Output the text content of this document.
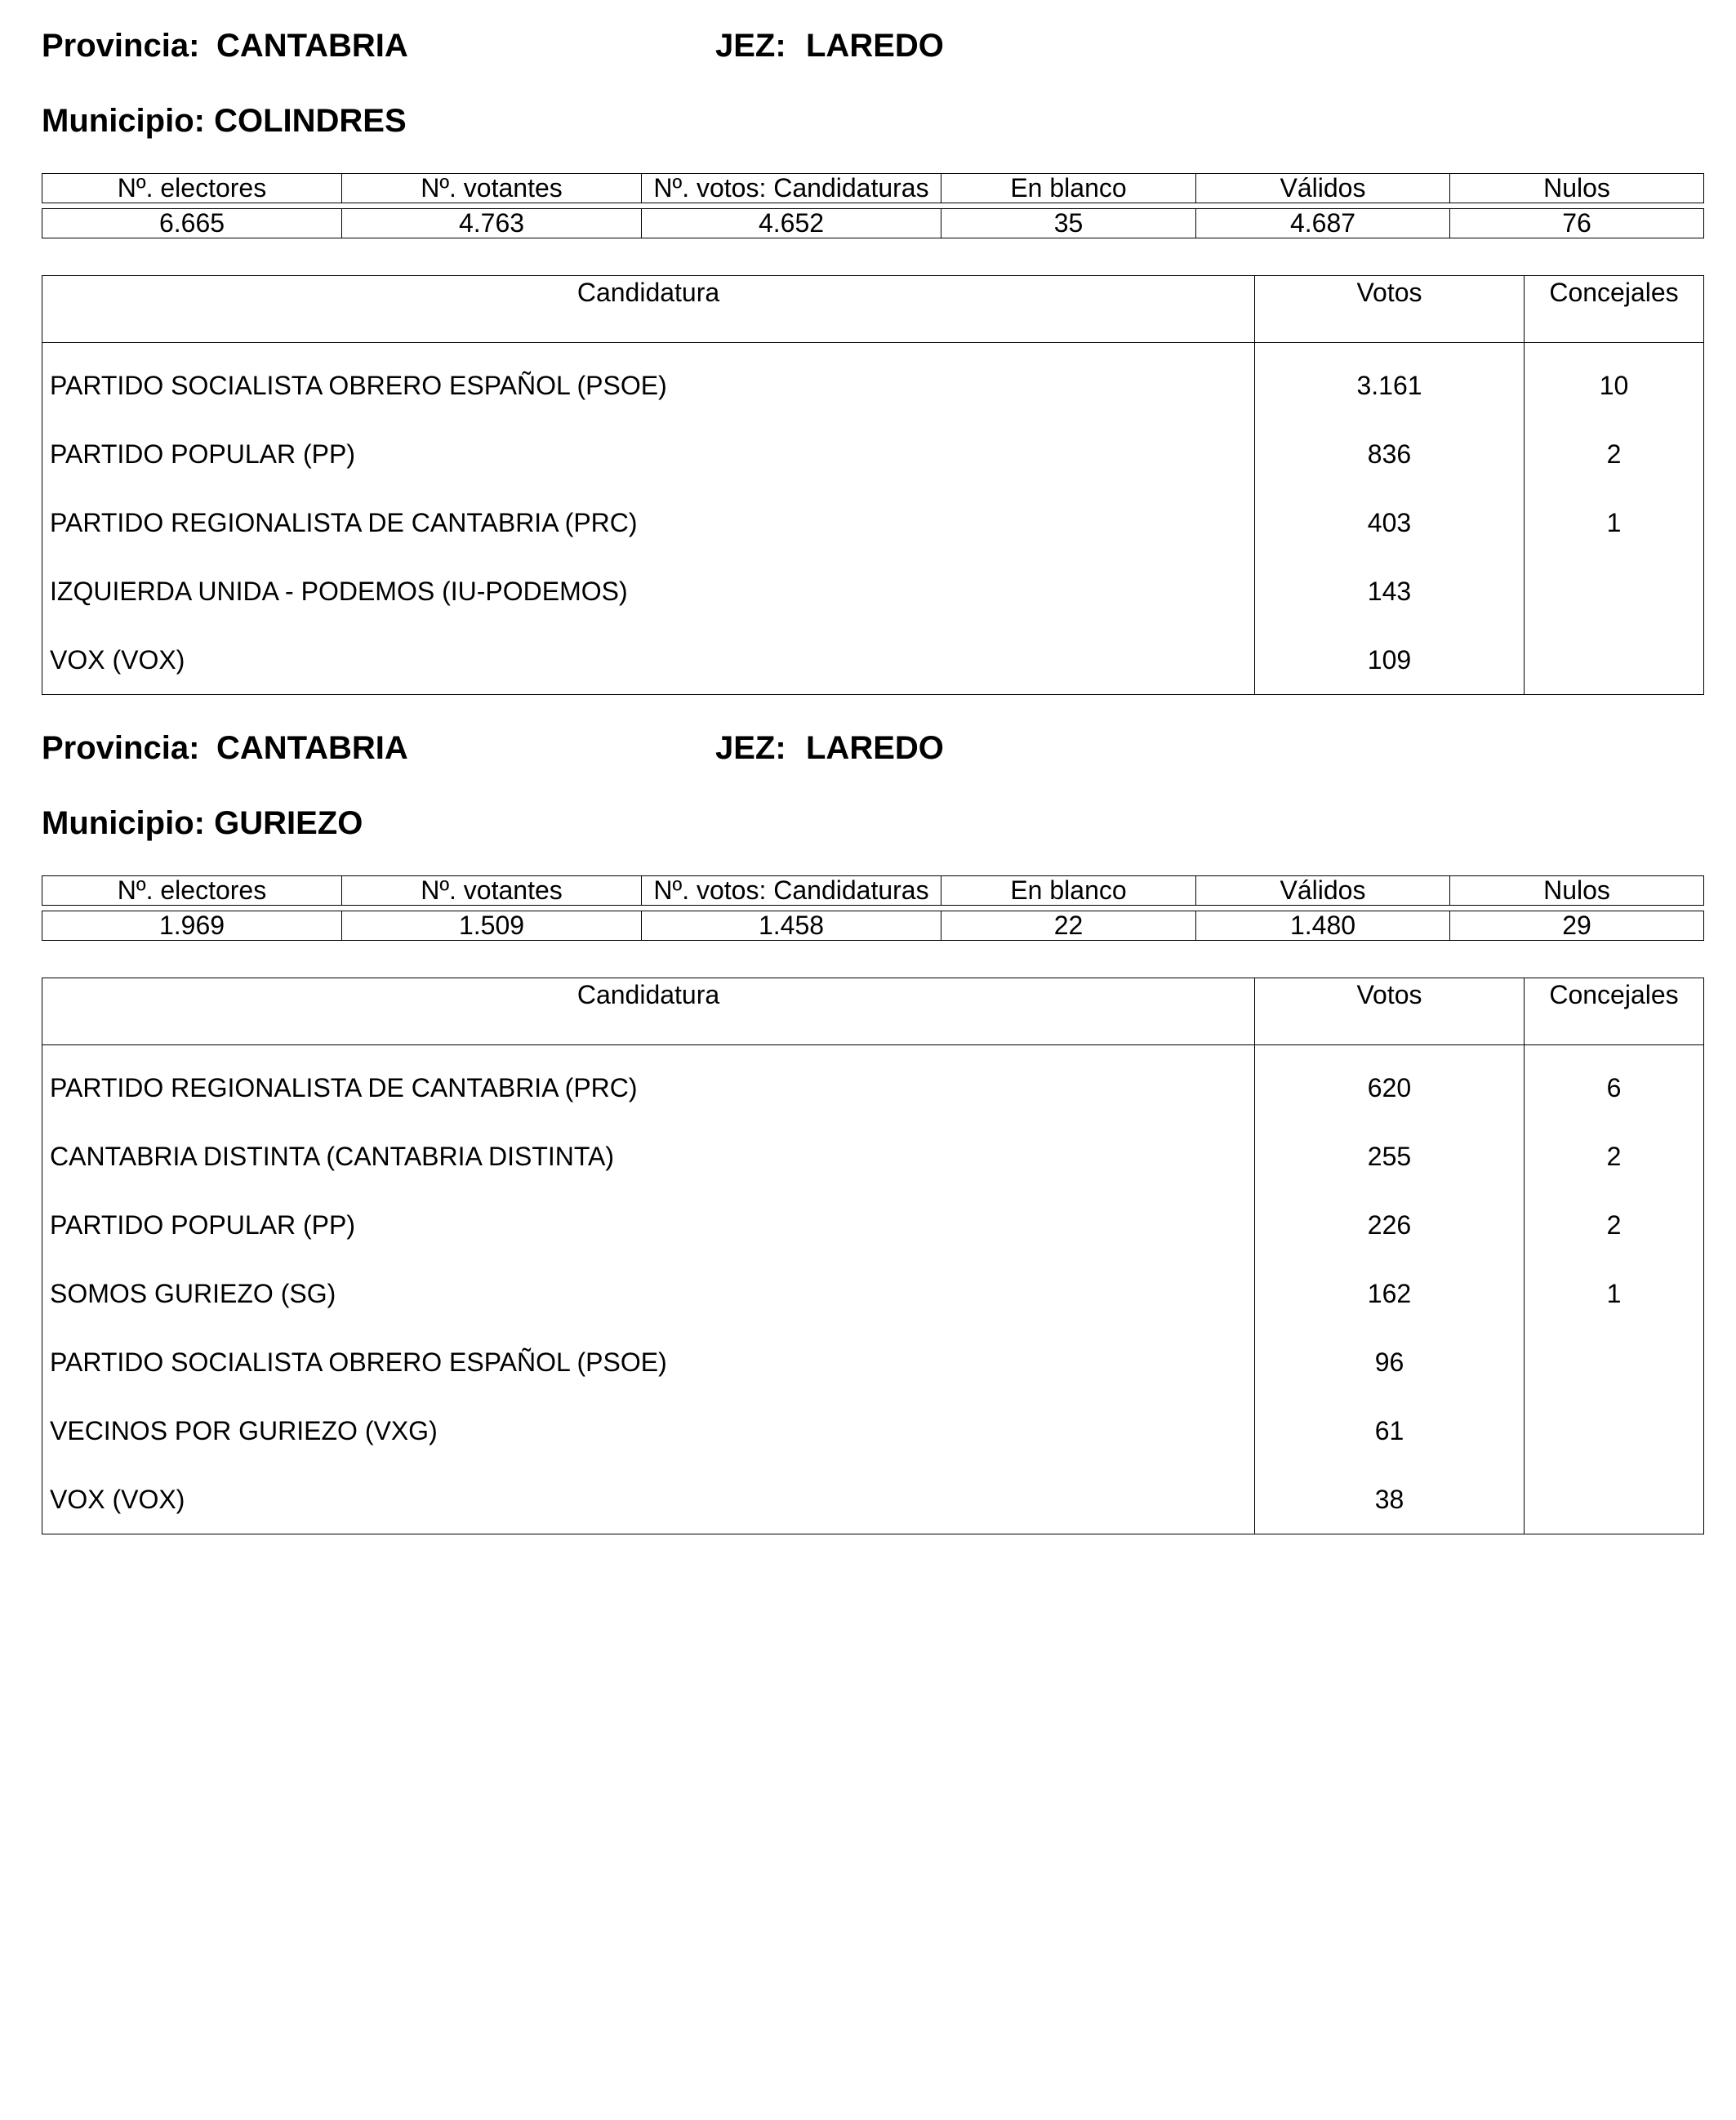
Provincia: CANTABRIA	JEZ: LAREDO
Municipio: COLINDRES
Nº. electores	Nº. votantes	Nº. votos: Candidaturas	En blanco	Válidos	Nulos

6.665	4.763	4.652	35	4.687	76
Candidatura	Votos	Concejales
PARTIDO SOCIALISTA OBRERO ESPAÑOL (PSOE)	3.161	10
PARTIDO POPULAR (PP)	836	2
PARTIDO REGIONALISTA DE CANTABRIA (PRC)	403	1
IZQUIERDA UNIDA - PODEMOS (IU-PODEMOS)	143	
VOX (VOX)	109	
Provincia: CANTABRIA	JEZ: LAREDO
Municipio: GURIEZO
Nº. electores	Nº. votantes	Nº. votos: Candidaturas	En blanco	Válidos	Nulos

1.969	1.509	1.458	22	1.480	29
Candidatura	Votos	Concejales
PARTIDO REGIONALISTA DE CANTABRIA (PRC)	620	6
CANTABRIA DISTINTA (CANTABRIA DISTINTA)	255	2
PARTIDO POPULAR (PP)	226	2
SOMOS GURIEZO (SG)	162	1
PARTIDO SOCIALISTA OBRERO ESPAÑOL (PSOE)	96	
VECINOS POR GURIEZO (VXG)	61	
VOX (VOX)	38	
